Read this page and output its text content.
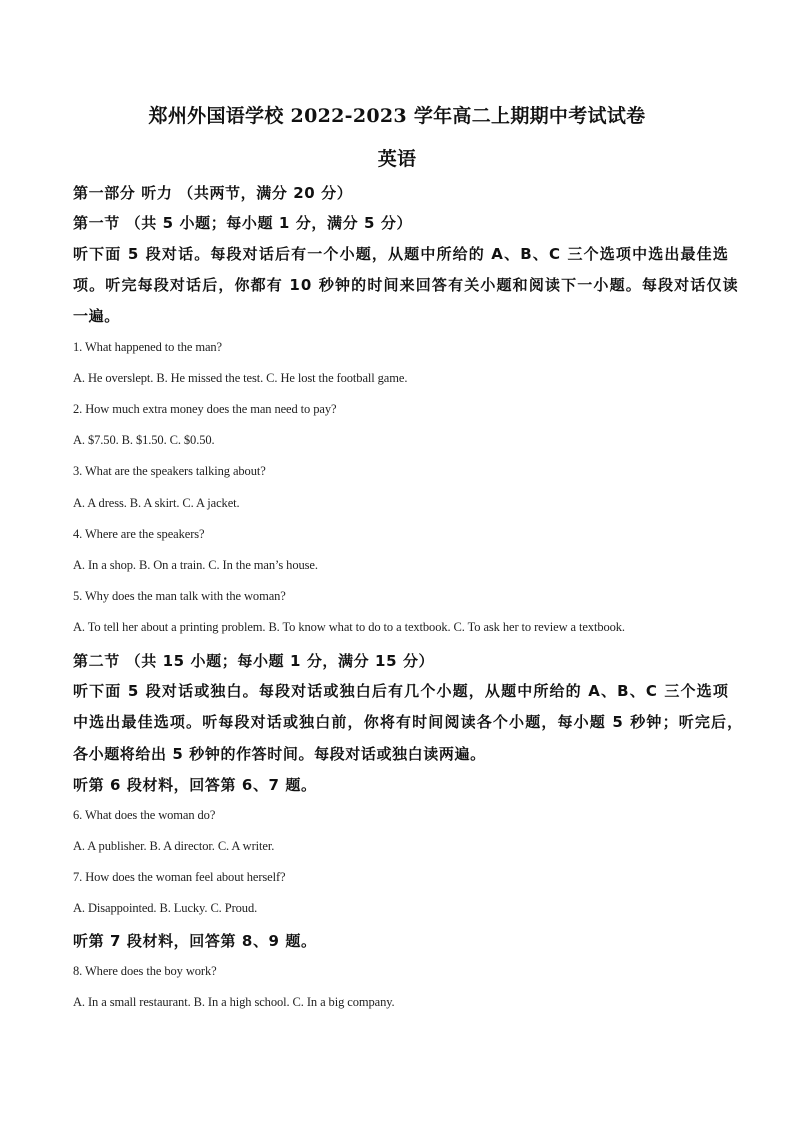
郑州外国语学校 2022-2023 学年高二上期期中考试试卷
英语
第一部分 听力 （共两节，满分 20 分）
第一节 （共 5 小题；每小题 1 分，满分 5 分）
听下面 5 段对话。每段对话后有一个小题，从题中所给的 A、B、C 三个选项中选出最佳选
项。听完每段对话后，你都有 10 秒钟的时间来回答有关小题和阅读下一小题。每段对话仅读
一遍。
1. What happened to the man?
A. He overslept. B. He missed the test. C. He lost the football game.
2. How much extra money does the man need to pay?
A. $7.50. B. $1.50. C. $0.50.
3. What are the speakers talking about?
A. A dress. B. A skirt. C. A jacket.
4. Where are the speakers?
A. In a shop. B. On a train. C. In the man’s house.
5. Why does the man talk with the woman?
A. To tell her about a printing problem. B. To know what to do to a textbook. C. To ask her to review a textbook.
第二节 （共 15 小题；每小题 1 分，满分 15 分）
听下面 5 段对话或独白。每段对话或独白后有几个小题，从题中所给的 A、B、C 三个选项
中选出最佳选项。听每段对话或独白前，你将有时间阅读各个小题，每小题 5 秒钟；听完后，
各小题将给出 5 秒钟的作答时间。每段对话或独白读两遍。
听第 6 段材料，回答第 6、7 题。
6. What does the woman do?
A. A publisher. B. A director. C. A writer.
7. How does the woman feel about herself?
A. Disappointed. B. Lucky. C. Proud.
听第 7 段材料，回答第 8、9 题。
8. Where does the boy work?
A. In a small restaurant. B. In a high school. C. In a big company.
